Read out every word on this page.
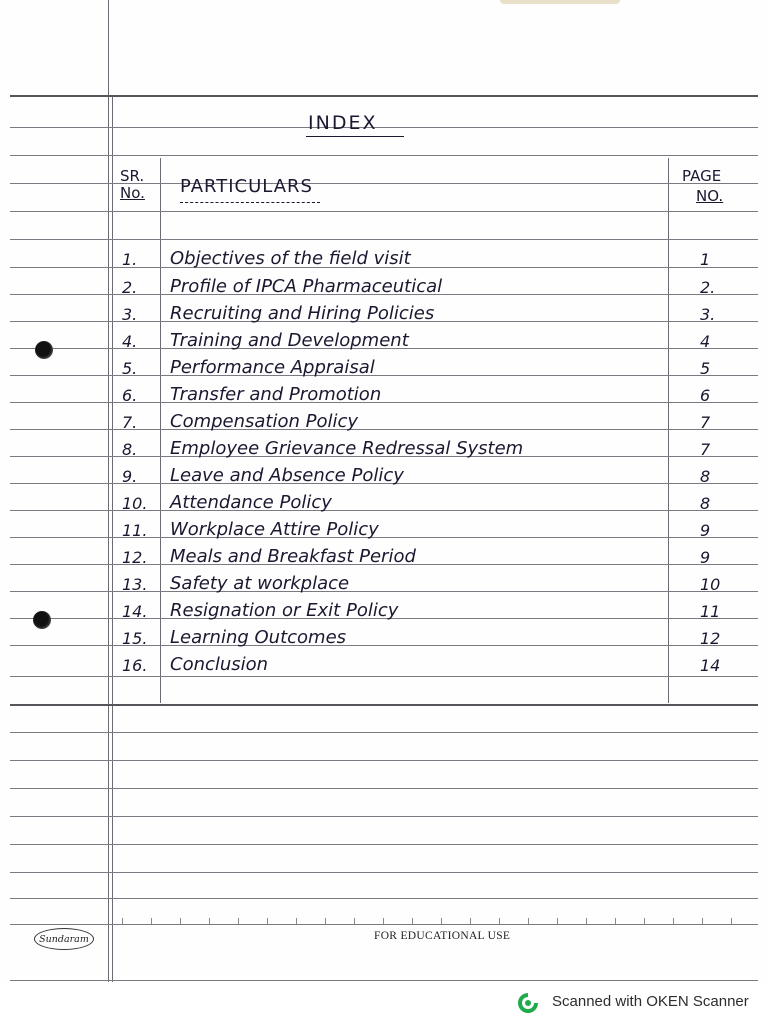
INDEX
SR.
No. PARTICULARS	PAGE
NO.
1. Objectives of the field visit	1
2. Profile of IPCA Pharmaceutical	2.
3. Recruiting and Hiring Policies	3.
4. Training and Development	4
5. Performance Appraisal	5
6. Transfer and Promotion	6
7. Compensation Policy	7
8. Employee Grievance Redressal System	7
9. Leave and Absence Policy	8
10. Attendance Policy	8
11. Workplace Attire Policy	9
12. Meals and Breakfast Period	9
13. Safety at workplace	10
14. Resignation or Exit Policy	11
15. Learning Outcomes	12
16. Conclusion	14
Sundaram	FOR EDUCATIONAL USE
Scanned with OKEN Scanner
